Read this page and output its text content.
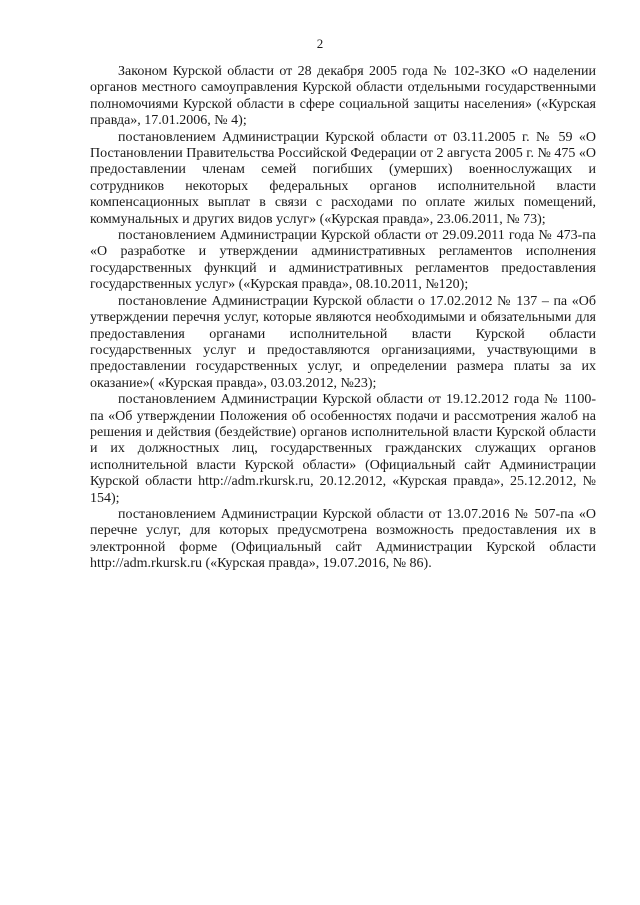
2

Законом Курской области от 28 декабря 2005 года № 102-ЗКО «О наделении органов местного самоуправления Курской области отдельными государственными полномочиями Курской области в сфере социальной защиты населения» («Курская правда», 17.01.2006, № 4);

постановлением Администрации Курской области от 03.11.2005 г. № 59 «О Постановлении Правительства Российской Федерации от 2 августа 2005 г. № 475 «О предоставлении членам семей погибших (умерших) военнослужащих и сотрудников некоторых федеральных органов исполнительной власти компенсационных выплат в связи с расходами по оплате жилых помещений, коммунальных и других видов услуг» («Курская правда», 23.06.2011, № 73);

постановлением Администрации Курской области от 29.09.2011 года № 473-па «О разработке и утверждении административных регламентов исполнения государственных функций и административных регламентов предоставления государственных услуг» («Курская правда», 08.10.2011, №120);

постановление Администрации Курской области о 17.02.2012 № 137 – па «Об утверждении перечня услуг, которые являются необходимыми и обязательными для предоставления органами исполнительной власти Курской области государственных услуг и предоставляются организациями, участвующими в предоставлении государственных услуг, и определении размера платы за их оказание»( «Курская правда», 03.03.2012, №23);

постановлением Администрации Курской области от 19.12.2012 года № 1100-па «Об утверждении Положения об особенностях подачи и рассмотрения жалоб на решения и действия (бездействие) органов исполнительной власти Курской области и их должностных лиц, государственных гражданских служащих органов исполнительной власти Курской области» (Официальный сайт Администрации Курской области http://adm.rkursk.ru, 20.12.2012, «Курская правда», 25.12.2012, № 154);

постановлением Администрации Курской области от 13.07.2016 № 507-па «О перечне услуг, для которых предусмотрена возможность предоставления их в электронной форме (Официальный сайт Администрации Курской области http://adm.rkursk.ru («Курская правда», 19.07.2016, № 86).
